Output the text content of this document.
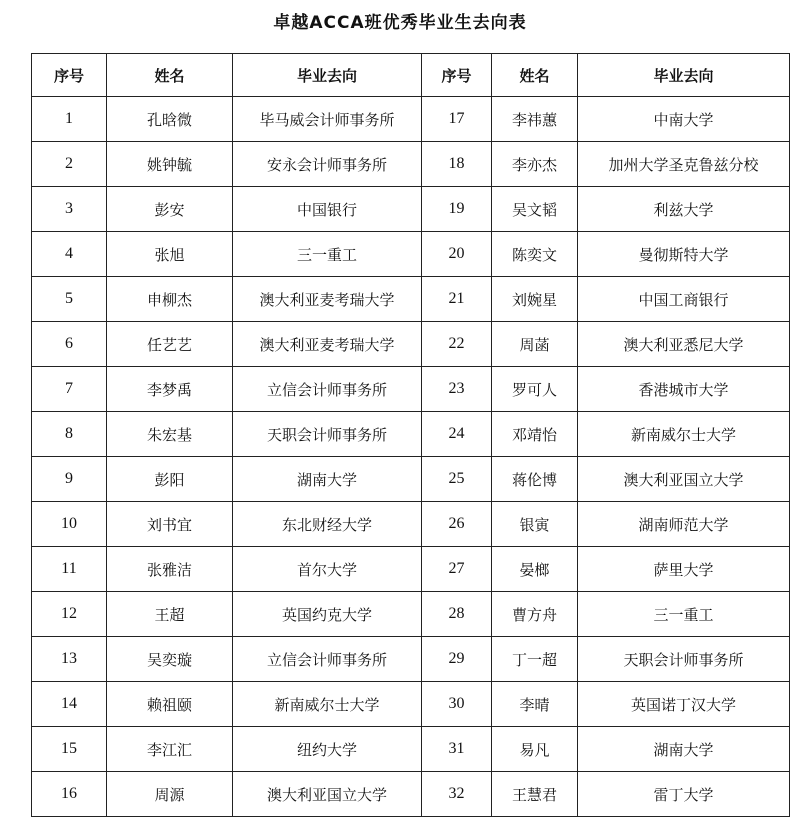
卓越ACCA班优秀毕业生去向表
序号	姓名	毕业去向	序号	姓名	毕业去向
1	孔晗微	毕马威会计师事务所	17	李祎蕙	中南大学
2	姚钟毓	安永会计师事务所	18	李亦杰	加州大学圣克鲁兹分校
3	彭安	中国银行	19	吴文韬	利兹大学
4	张旭	三一重工	20	陈奕文	曼彻斯特大学
5	申柳杰	澳大利亚麦考瑞大学	21	刘婉星	中国工商银行
6	任艺艺	澳大利亚麦考瑞大学	22	周菡	澳大利亚悉尼大学
7	李梦禹	立信会计师事务所	23	罗可人	香港城市大学
8	朱宏基	天职会计师事务所	24	邓靖怡	新南威尔士大学
9	彭阳	湖南大学	25	蒋伦博	澳大利亚国立大学
10	刘书宜	东北财经大学	26	银寅	湖南师范大学
11	张雅洁	首尔大学	27	晏榔	萨里大学
12	王超	英国约克大学	28	曹方舟	三一重工
13	吴奕璇	立信会计师事务所	29	丁一超	天职会计师事务所
14	赖祖颐	新南威尔士大学	30	李晴	英国诺丁汉大学
15	李江汇	纽约大学	31	易凡	湖南大学
16	周源	澳大利亚国立大学	32	王慧君	雷丁大学
